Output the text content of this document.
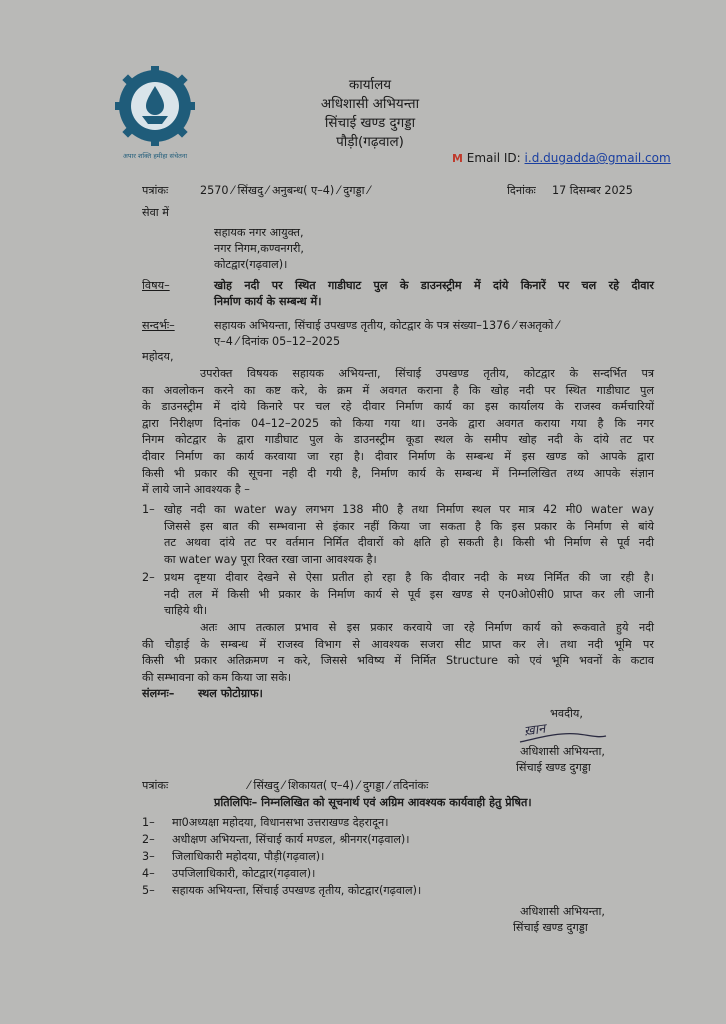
अपार शक्ति हमीहा संचेतना
कार्यालय
अधिशासी अभियन्ता
सिंचाई खण्ड दुगड्डा
पौड़ी(गढ़वाल)
M Email ID: i.d.dugadda@gmail.com
पत्रांकः	2570 ⁄ सिंखदु ⁄ अनुबन्ध( ए–4) ⁄ दुगड्डा ⁄	दिनांकः 17 दिसम्बर 2025
सेवा में
सहायक नगर आयुक्त,
नगर निगम,कण्वनगरी,
कोटद्वार(गढ़वाल)।
विषय–	खोह नदी पर स्थित गाडीघाट पुल के डाउनस्ट्रीम में दांये किनारें पर चल रहे दीवार
निर्माण कार्य के सम्बन्ध में।
सन्दर्भः–	सहायक अभियन्ता, सिंचाई उपखण्ड तृतीय, कोटद्वार के पत्र संख्या–1376 ⁄ सअतृको ⁄
ए–4 ⁄ दिनांक 05–12–2025
महोदय,
उपरोक्त विषयक सहायक अभियन्ता, सिंचाई उपखण्ड तृतीय, कोटद्वार के सन्दर्भित पत्र
का अवलोकन करने का कष्ट करे, के क्रम में अवगत कराना है कि खोह नदी पर स्थित गाडीघाट पुल
के डाउनस्ट्रीम में दांये किनारे पर चल रहे दीवार निर्माण कार्य का इस कार्यालय के राजस्व कर्मचारियों
द्वारा निरीक्षण दिनांक 04–12–2025 को किया गया था। उनके द्वारा अवगत कराया गया है कि नगर
निगम कोटद्वार के द्वारा गाडीघाट पुल के डाउनस्ट्रीम कूडा स्थल के समीप खोह नदी के दांये तट पर
दीवार निर्माण का कार्य करवाया जा रहा है। दीवार निर्माण के सम्बन्ध में इस खण्ड को आपके द्वारा
किसी भी प्रकार की सूचना नही दी गयी है, निर्माण कार्य के सम्बन्ध में निम्नलिखित तथ्य आपके संज्ञान
में लाये जाने आवश्यक है –
1– खोह नदी का water way लगभग 138 मी0 है तथा निर्माण स्थल पर मात्र 42 मी0 water way
जिससे इस बात की सम्भवाना से इंकार नहीं किया जा सकता है कि इस प्रकार के निर्माण से बांये
तट अथवा दांये तट पर वर्तमान निर्मित दीवारों को क्षति हो सकती है। किसी भी निर्माण से पूर्व नदी
का water way पूरा रिक्त रखा जाना आवश्यक है।
2– प्रथम दृष्टया दीवार देखने से ऐसा प्रतीत हो रहा है कि दीवार नदी के मध्य निर्मित की जा रही है।
नदी तल में किसी भी प्रकार के निर्माण कार्य से पूर्व इस खण्ड से एन0ओ0सी0 प्राप्त कर ली जानी
चाहिये थी।
अतः आप तत्काल प्रभाव से इस प्रकार करवाये जा रहे निर्माण कार्य को रूकवाते हुये नदी
की चौड़ाई के सम्बन्ध में राजस्व विभाग से आवश्यक सजरा सीट प्राप्त कर ले। तथा नदी भूमि पर
किसी भी प्रकार अतिक्रमण न करे, जिससे भविष्य में निर्मित Structure को एवं भूमि भवनों के कटाव
की सम्भावना को कम किया जा सके।
संलग्नः– स्थल फोटोग्राफ।
भवदीय,
ख़ान
अधिशासी अभियन्ता,
सिंचाई खण्ड दुगड्डा
पत्रांकः	⁄ सिंखदु ⁄ शिकायत( ए–4) ⁄ दुगड्डा ⁄ तदिनांकः
प्रतिलिपिः– निम्नलिखित को सूचनार्थ एवं अग्रिम आवश्यक कार्यवाही हेतु प्रेषित।
1– मा0अध्यक्षा महोदया, विधानसभा उत्तराखण्ड देहरादून।
2– अधीक्षण अभियन्ता, सिंचाई कार्य मण्डल, श्रीनगर(गढ़वाल)।
3– जिलाधिकारी महोदया, पौड़ी(गढ़वाल)।
4– उपजिलाधिकारी, कोटद्वार(गढ़वाल)।
5– सहायक अभियन्ता, सिंचाई उपखण्ड तृतीय, कोटद्वार(गढ़वाल)।
अधिशासी अभियन्ता,
सिंचाई खण्ड दुगड्डा
